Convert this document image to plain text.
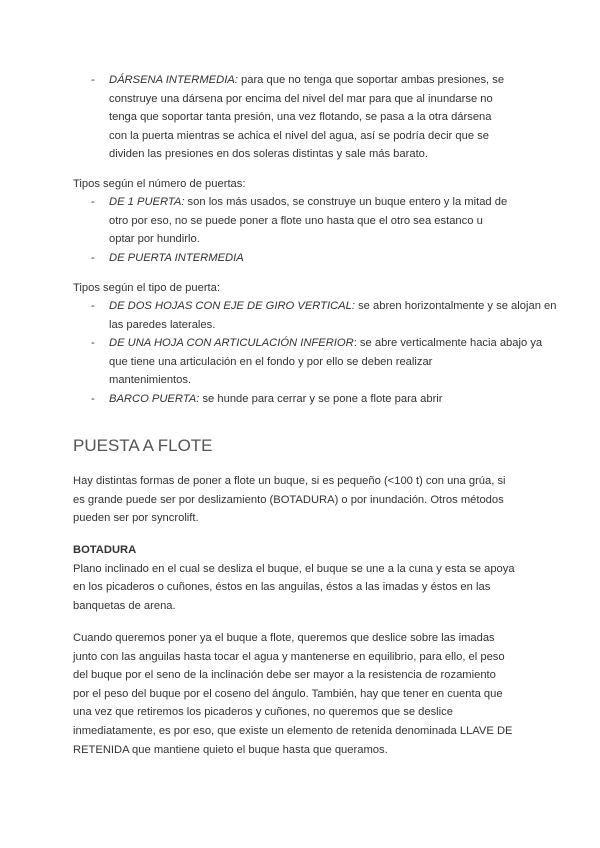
- DÁRSENA INTERMEDIA: para que no tenga que soportar ambas presiones, se
construye una dársena por encima del nivel del mar para que al inundarse no
tenga que soportar tanta presión, una vez flotando, se pasa a la otra dársena
con la puerta mientras se achica el nivel del agua, así se podría decir que se
dividen las presiones en dos soleras distintas y sale más barato.
Tipos según el número de puertas:
- DE 1 PUERTA: son los más usados, se construye un buque entero y la mitad de
otro por eso, no se puede poner a flote uno hasta que el otro sea estanco u
optar por hundirlo.
- DE PUERTA INTERMEDIA
Tipos según el tipo de puerta:
- DE DOS HOJAS CON EJE DE GIRO VERTICAL: se abren horizontalmente y se alojan en
las paredes laterales.
- DE UNA HOJA CON ARTICULACIÓN INFERIOR: se abre verticalmente hacia abajo ya
que tiene una articulación en el fondo y por ello se deben realizar
mantenimientos.
- BARCO PUERTA: se hunde para cerrar y se pone a flote para abrir
PUESTA A FLOTE
Hay distintas formas de poner a flote un buque, si es pequeño (<100 t) con una grúa, si
es grande puede ser por deslizamiento (BOTADURA) o por inundación. Otros métodos
pueden ser por syncrolift.
BOTADURA
Plano inclinado en el cual se desliza el buque, el buque se une a la cuna y esta se apoya
en los picaderos o cuñones, éstos en las anguilas, éstos a las imadas y éstos en las
banquetas de arena.
Cuando queremos poner ya el buque a flote, queremos que deslice sobre las imadas
junto con las anguilas hasta tocar el agua y mantenerse en equilibrio, para ello, el peso
del buque por el seno de la inclinación debe ser mayor a la resistencia de rozamiento
por el peso del buque por el coseno del ángulo. También, hay que tener en cuenta que
una vez que retiremos los picaderos y cuñones, no queremos que se deslice
inmediatamente, es por eso, que existe un elemento de retenida denominada LLAVE DE
RETENIDA que mantiene quieto el buque hasta que queramos.
